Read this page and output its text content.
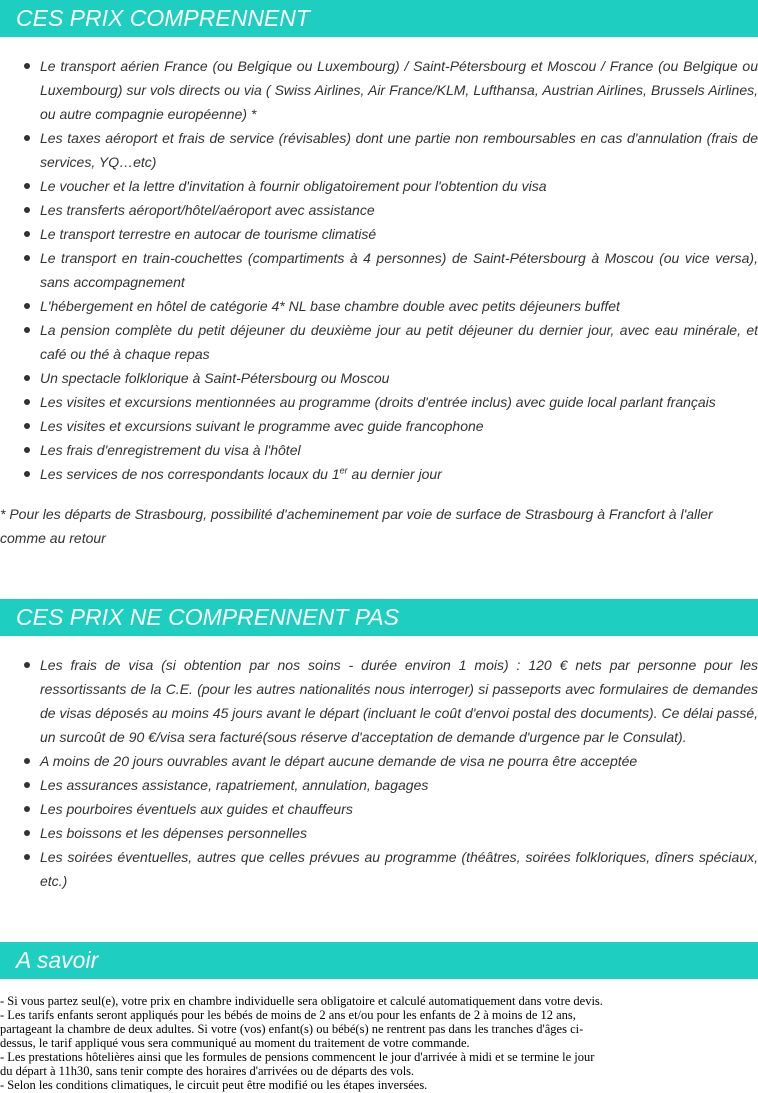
CES PRIX COMPRENNENT
Le transport aérien France (ou Belgique ou Luxembourg) / Saint-Pétersbourg et Moscou / France (ou Belgique ou Luxembourg) sur vols directs ou via ( Swiss Airlines, Air France/KLM, Lufthansa, Austrian Airlines, Brussels Airlines, ou autre compagnie européenne) *
Les taxes aéroport et frais de service (révisables) dont une partie non remboursables en cas d'annulation (frais de services, YQ…etc)
Le voucher et la lettre d'invitation à fournir obligatoirement pour l'obtention du visa
Les transferts aéroport/hôtel/aéroport avec assistance
Le transport terrestre en autocar de tourisme climatisé
Le transport en train-couchettes (compartiments à 4 personnes) de Saint-Pétersbourg à Moscou (ou vice versa), sans accompagnement
L'hébergement en hôtel de catégorie 4* NL base chambre double avec petits déjeuners buffet
La pension complète du petit déjeuner du deuxième jour au petit déjeuner du dernier jour, avec eau minérale, et café ou thé à chaque repas
Un spectacle folklorique à Saint-Pétersbourg ou Moscou
Les visites et excursions mentionnées au programme (droits d'entrée inclus) avec guide local parlant français
Les visites et excursions suivant le programme avec guide francophone
Les frais d'enregistrement du visa à l'hôtel
Les services de nos correspondants locaux du 1er au dernier jour

* Pour les départs de Strasbourg, possibilité d'acheminement par voie de surface de Strasbourg à Francfort à l'aller comme au retour

CES PRIX NE COMPRENNENT PAS
Les frais de visa (si obtention par nos soins - durée environ 1 mois) : 120 € nets par personne pour les ressortissants de la C.E. (pour les autres nationalités nous interroger) si passeports avec formulaires de demandes de visas déposés au moins 45 jours avant le départ (incluant le coût d'envoi postal des documents). Ce délai passé, un surcoût de 90 €/visa sera facturé(sous réserve d'acceptation de demande d'urgence par le Consulat).
A moins de 20 jours ouvrables avant le départ aucune demande de visa ne pourra être acceptée
Les assurances assistance, rapatriement, annulation, bagages
Les pourboires éventuels aux guides et chauffeurs
Les boissons et les dépenses personnelles
Les soirées éventuelles, autres que celles prévues au programme (théâtres, soirées folkloriques, dîners spéciaux, etc.)
A savoir
- Si vous partez seul(e), votre prix en chambre individuelle sera obligatoire et calculé automatiquement dans votre devis.
- Les tarifs enfants seront appliqués pour les bébés de moins de 2 ans et/ou pour les enfants de 2 à moins de 12 ans,
partageant la chambre de deux adultes. Si votre (vos) enfant(s) ou bébé(s) ne rentrent pas dans les tranches d'âges ci-
dessus, le tarif appliqué vous sera communiqué au moment du traitement de votre commande.
- Les prestations hôtelières ainsi que les formules de pensions commencent le jour d'arrivée à midi et se termine le jour
du départ à 11h30, sans tenir compte des horaires d'arrivées ou de départs des vols.
- Selon les conditions climatiques, le circuit peut être modifié ou les étapes inversées.
